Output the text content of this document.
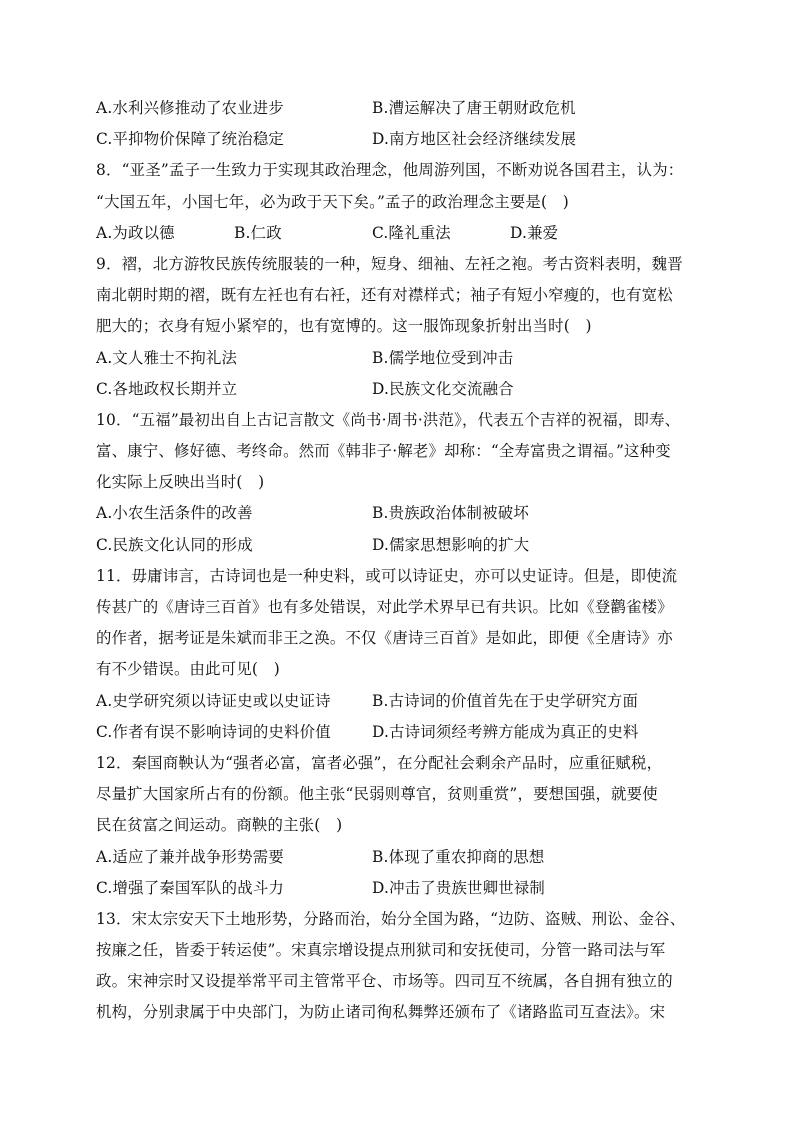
A.水利兴修推动了农业进步	B.漕运解决了唐王朝财政危机
C.平抑物价保障了统治稳定	D.南方地区社会经济继续发展
8．“亚圣”孟子一生致力于实现其政治理念，他周游列国，不断劝说各国君主，认为：
“大国五年，小国七年，必为政于天下矣。”孟子的政治理念主要是(　)
A.为政以德	B.仁政	C.隆礼重法	D.兼爱
9．褶，北方游牧民族传统服装的一种，短身、细袖、左衽之袍。考古资料表明，魏晋
南北朝时期的褶，既有左衽也有右衽，还有对襟样式；袖子有短小窄瘦的，也有宽松
肥大的；衣身有短小紧窄的，也有宽博的。这一服饰现象折射出当时(　)
A.文人雅士不拘礼法	B.儒学地位受到冲击
C.各地政权长期并立	D.民族文化交流融合
10．“五福”最初出自上古记言散文《尚书·周书·洪范》，代表五个吉祥的祝福，即寿、
富、康宁、修好德、考终命。然而《韩非子·解老》却称：“全寿富贵之谓福。”这种变
化实际上反映出当时(　)
A.小农生活条件的改善	B.贵族政治体制被破坏
C.民族文化认同的形成	D.儒家思想影响的扩大
11．毋庸讳言，古诗词也是一种史料，或可以诗证史，亦可以史证诗。但是，即使流
传甚广的《唐诗三百首》也有多处错误，对此学术界早已有共识。比如《登鹳雀楼》
的作者，据考证是朱斌而非王之涣。不仅《唐诗三百首》是如此，即便《全唐诗》亦
有不少错误。由此可见(　)
A.史学研究须以诗证史或以史证诗	B.古诗词的价值首先在于史学研究方面
C.作者有误不影响诗词的史料价值	D.古诗词须经考辨方能成为真正的史料
12．秦国商鞅认为“强者必富，富者必强”，在分配社会剩余产品时，应重征赋税，
尽量扩大国家所占有的份额。他主张“民弱则尊官，贫则重赏”，要想国强，就要使
民在贫富之间运动。商鞅的主张(　)
A.适应了兼并战争形势需要	B.体现了重农抑商的思想
C.增强了秦国军队的战斗力	D.冲击了贵族世卿世禄制
13．宋太宗安天下土地形势，分路而治，始分全国为路，“边防、盗贼、刑讼、金谷、
按廉之任，皆委于转运使”。宋真宗增设提点刑狱司和安抚使司，分管一路司法与军
政。宋神宗时又设提举常平司主管常平仓、市场等。四司互不统属，各自拥有独立的
机构，分别隶属于中央部门，为防止诸司徇私舞弊还颁布了《诸路监司互查法》。宋
